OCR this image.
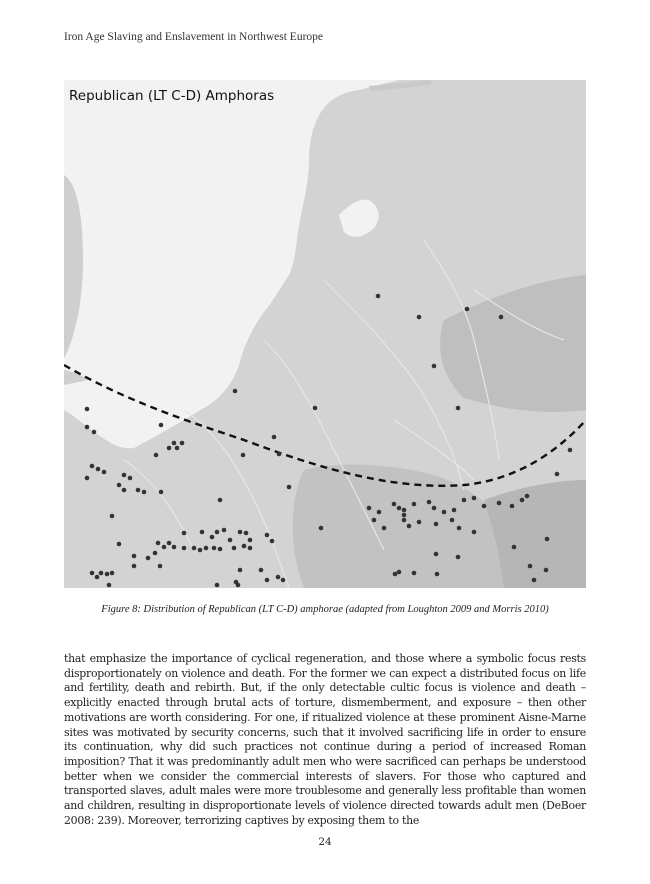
Iron Age Slaving and Enslavement in Northwest Europe
Republican (LT C-D) Amphoras
Figure 8: Distribution of Republican (LT C-D) amphorae (adapted from Loughton 2009 and Morris 2010)

that emphasize the importance of cyclical regeneration, and those where a symbolic focus rests disproportionately on violence and death. For the former we can expect a distributed focus on life and fertility, death and rebirth. But, if the only detectable cultic focus is violence and death – explicitly enacted through brutal acts of torture, dismemberment, and exposure – then other motivations are worth considering. For one, if ritualized violence at these prominent Aisne-Marne sites was motivated by security concerns, such that it involved sacrificing life in order to ensure its continuation, why did such practices not continue during a period of increased Roman imposition? That it was predominantly adult men who were sacrificed can perhaps be understood better when we consider the commercial interests of slavers. For those who captured and transported slaves, adult males were more troublesome and generally less profitable than women and children, resulting in disproportionate levels of violence directed towards adult men (DeBoer 2008: 239). Moreover, terrorizing captives by exposing them to the

24
